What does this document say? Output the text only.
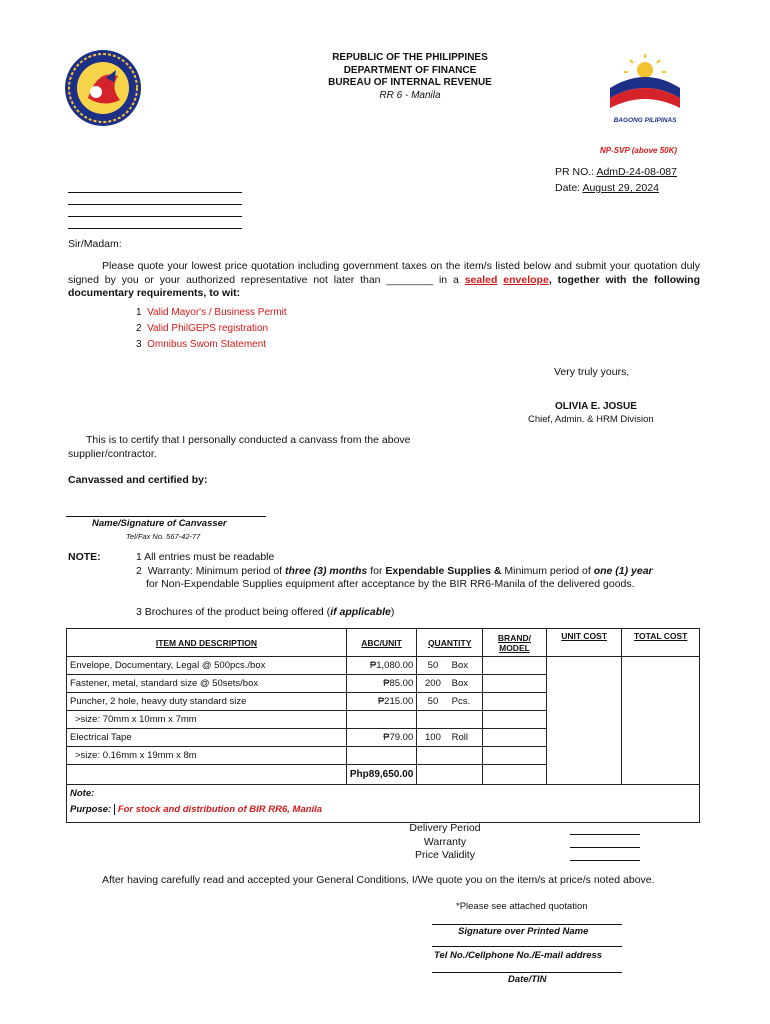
REPUBLIC OF THE PHILIPPINES
DEPARTMENT OF FINANCE
BUREAU OF INTERNAL REVENUE
RR 6 - Manila
BAGONG PILIPINAS
NP-SVP (above 50K)
PR NO.: AdmD-24-08-087
Date: August 29, 2024
Sir/Madam:
Please quote your lowest price quotation including government taxes on the item/s listed below and submit your quotation duly signed by you or your authorized representative not later than ________ in a sealed envelope, together with the following documentary requirements, to wit:
1 Valid Mayor's / Business Permit
2 Valid PhilGEPS registration
3 Omnibus Swom Statement
Very truly yours,
OLIVIA E. JOSUE
Chief, Admin. & HRM Division
This is to certify that I personally conducted a canvass from the above supplier/contractor.
Canvassed and certified by:
Name/Signature of Canvasser
Tel/Fax No. 567-42-77
NOTE:	1 All entries must be readable
2 Warranty: Minimum period of three (3) months for Expendable Supplies & Minimum period of one (1) year
for Non-Expendable Supplies equipment after acceptance by the BIR RR6-Manila of the delivered goods.
3 Brochures of the product being offered (if applicable)
ITEM AND DESCRIPTION	ABC/UNIT	QUANTITY		BRAND/ MODEL	UNIT COST	TOTAL COST
Envelope, Documentary, Legal @ 500pcs./box	₱1,080.00	50	Box			
Fastener, metal, standard size @ 50sets/box	₱85.00	200	Box			
Puncher, 2 hole, heavy duty standard size	₱215.00	50	Pcs.			
>size: 70mm x 10mm x 7mm						
Electrical Tape	₱79.00	100	Roll			
>size: 0.16mm x 19mm x 8m						
	Php89,650.00					
Note:						
Purpose: For stock and distribution of BIR RR6, Manila						
Delivery Period
Warranty
Price Validity
After having carefully read and accepted your General Conditions, I/We quote you on the item/s at price/s noted above.
*Please see attached quotation
Signature over Printed Name
Tel No./Cellphone No./E-mail address
Date/TIN
